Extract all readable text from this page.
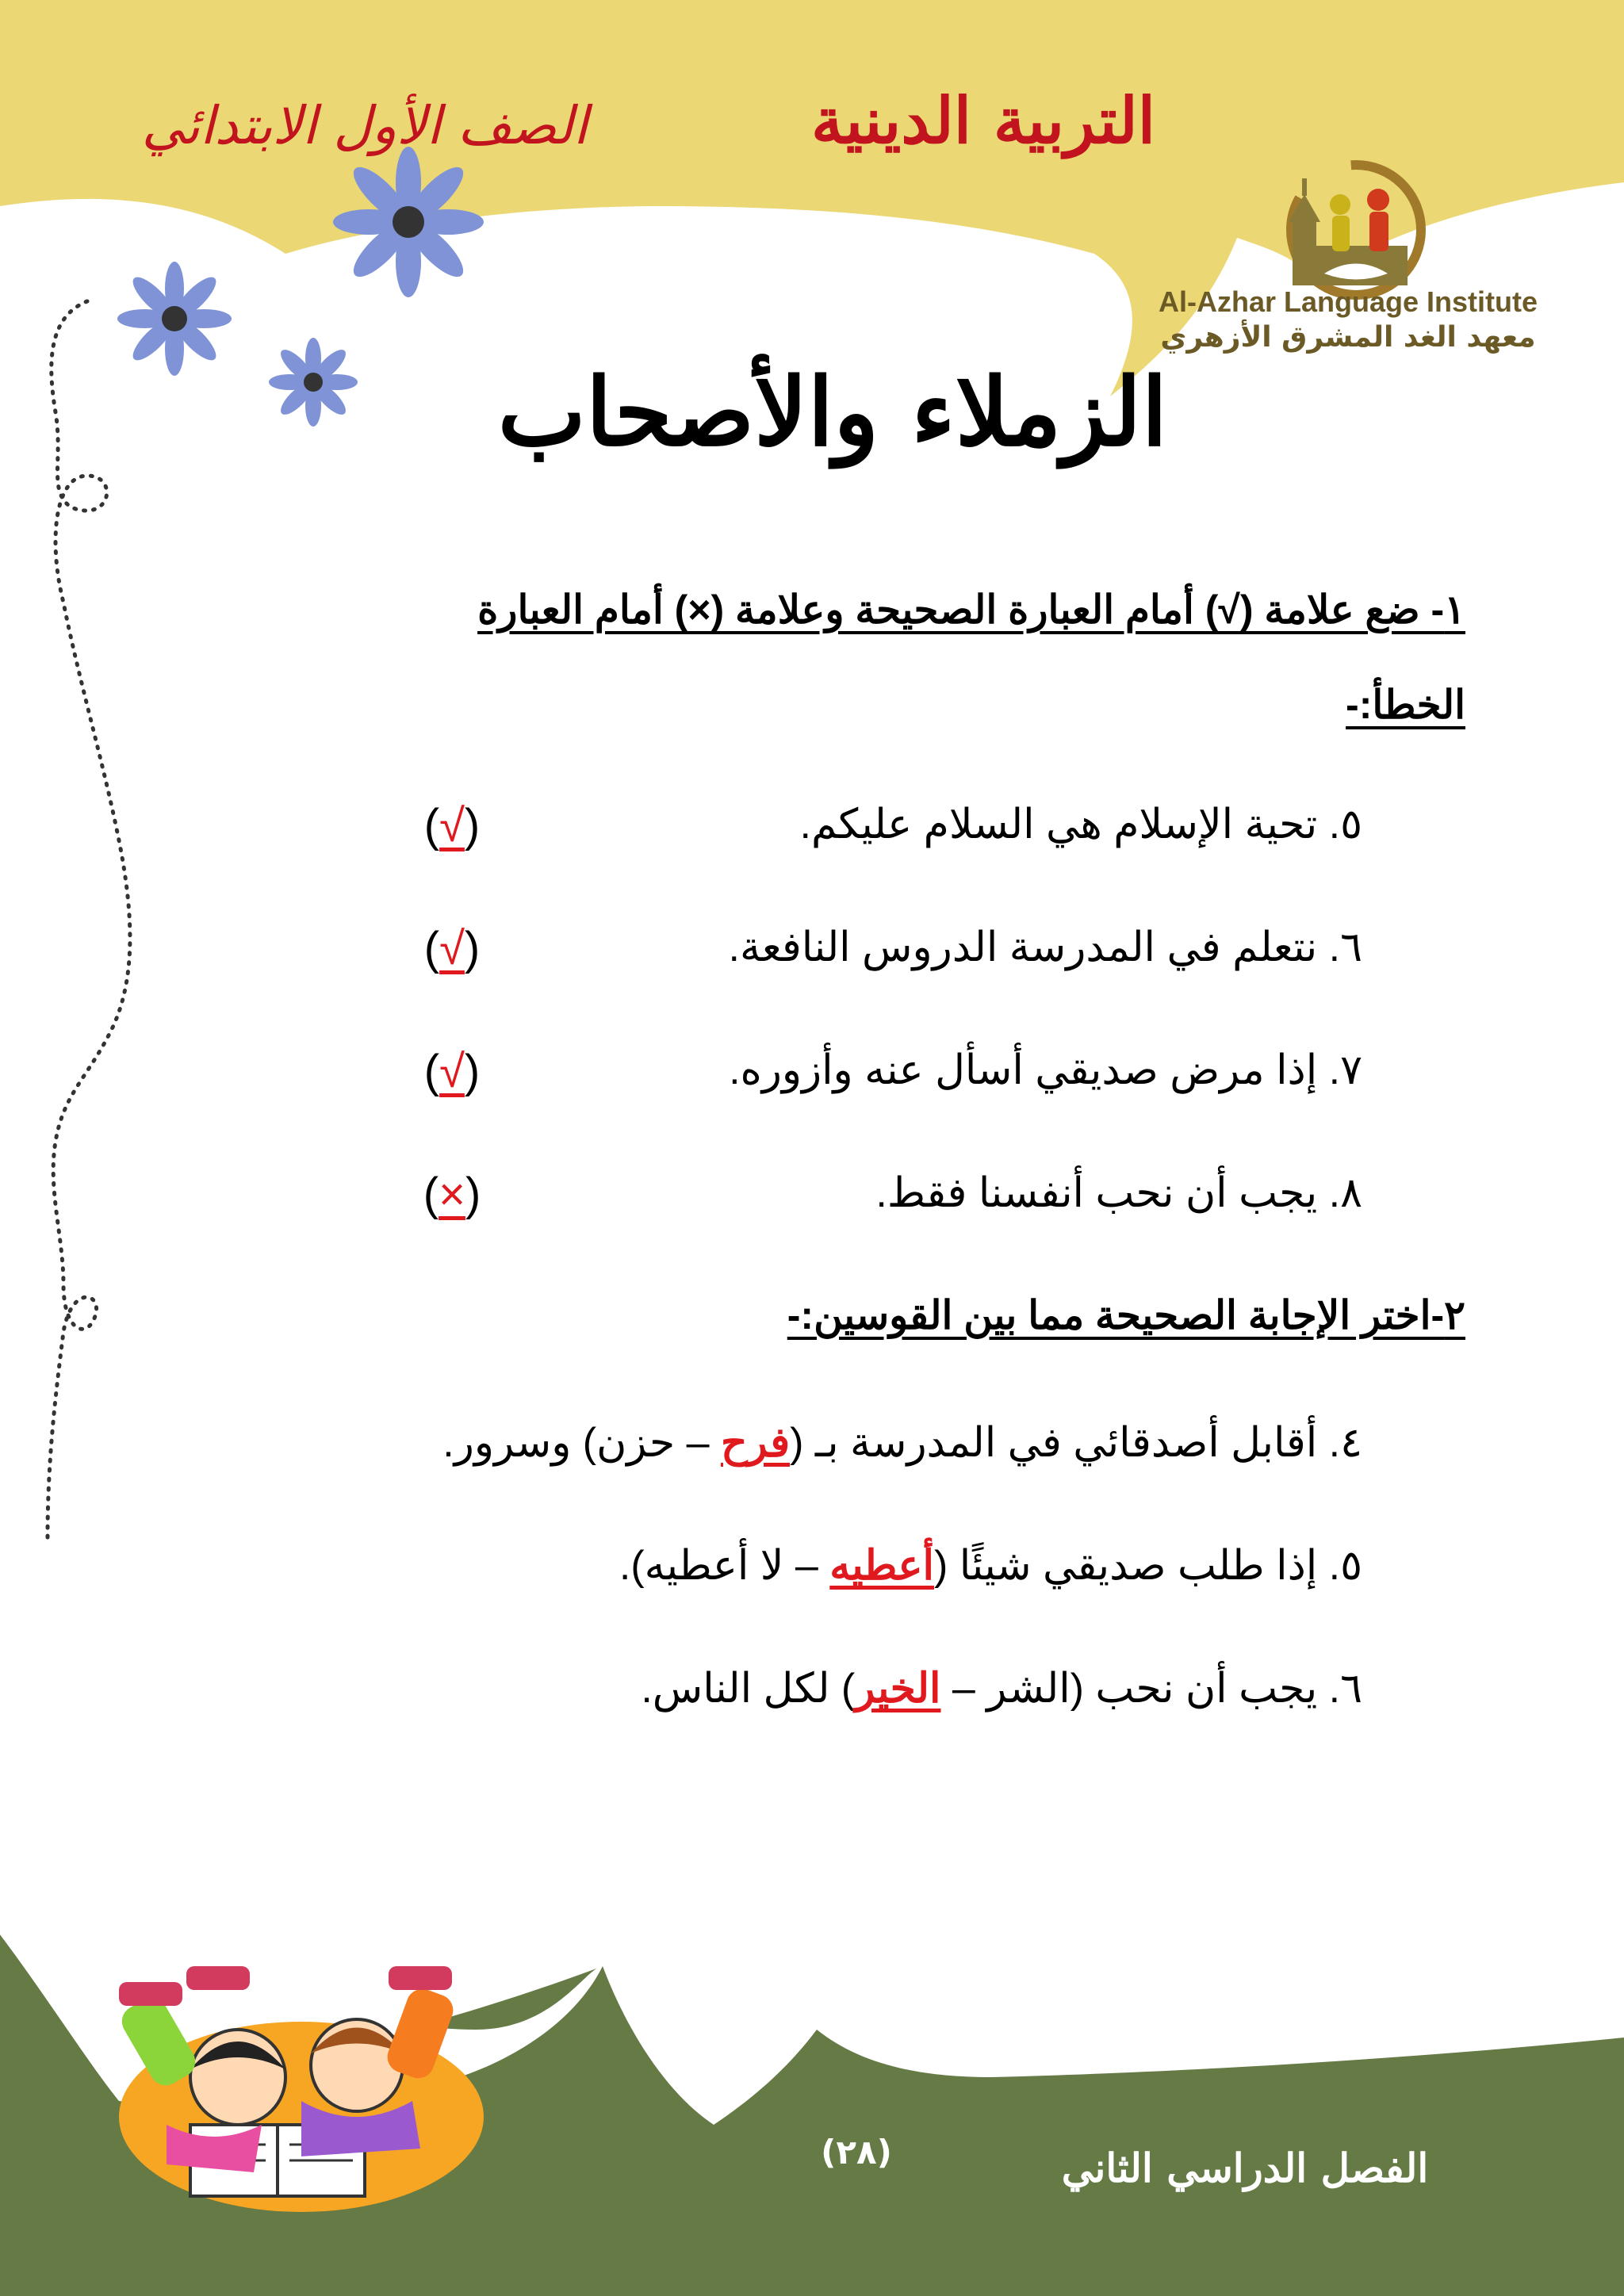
التربية الدينية
الصف الأول الابتدائي
Al-Azhar Language Institute
معهد الغد المشرق الأزهري
الزملاء والأصحاب
١- ضع علامة (√) أمام العبارة الصحيحة وعلامة (×) أمام العبارة
الخطأ:-
٥. تحية الإسلام هي السلام عليكم.
(√)
٦. نتعلم في المدرسة الدروس النافعة.
(√)
٧. إذا مرض صديقي أسأل عنه وأزوره.
(√)
٨. يجب أن نحب أنفسنا فقط.
(×)
٢-اختر الإجابة الصحيحة مما بين القوسين:-
٤. أقابل أصدقائي في المدرسة بـ (فرح – حزن) وسرور.
٥. إذا طلب صديقي شيئًا (أعطيه – لا أعطيه).
٦. يجب أن نحب (الشر – الخير) لكل الناس.
الفصل الدراسي الثاني
(٢٨)
